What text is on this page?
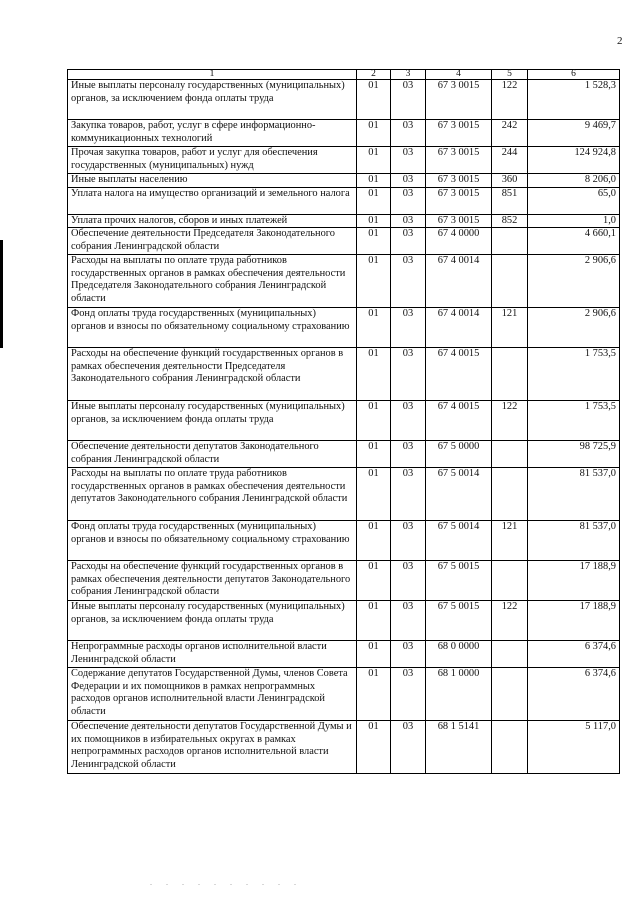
2
1	2	3	4	5	6
Иные выплаты персоналу государственных (муниципальных) органов, за исключением фонда оплаты труда	01	03	67 3 0015	122	1 528,3
Закупка товаров, работ, услуг в сфере информационно-коммуникационных технологий	01	03	67 3 0015	242	9 469,7
Прочая закупка товаров, работ и услуг для обеспечения государственных (муниципальных) нужд	01	03	67 3 0015	244	124 924,8
Иные выплаты населению	01	03	67 3 0015	360	8 206,0
Уплата налога на имущество организаций и земельного налога	01	03	67 3 0015	851	65,0
Уплата прочих налогов, сборов и иных платежей	01	03	67 3 0015	852	1,0
Обеспечение деятельности Председателя Законодательного собрания Ленинградской области	01	03	67 4 0000		4 660,1
Расходы на выплаты по оплате труда работников государственных органов в рамках обеспечения деятельности Председателя Законодательного собрания Ленинградской области	01	03	67 4 0014		2 906,6
Фонд оплаты труда государственных (муниципальных) органов и взносы по обязательному социальному страхованию	01	03	67 4 0014	121	2 906,6
Расходы на обеспечение функций государственных органов в рамках обеспечения деятельности Председателя Законодательного собрания Ленинградской области	01	03	67 4 0015		1 753,5
Иные выплаты персоналу государственных (муниципальных) органов, за исключением фонда оплаты труда	01	03	67 4 0015	122	1 753,5
Обеспечение деятельности депутатов Законодательного собрания Ленинградской области	01	03	67 5 0000		98 725,9
Расходы на выплаты по оплате труда работников государственных органов в рамках обеспечения деятельности депутатов Законодательного собрания Ленинградской области	01	03	67 5 0014		81 537,0
Фонд оплаты труда государственных (муниципальных) органов и взносы по обязательному социальному страхованию	01	03	67 5 0014	121	81 537,0
Расходы на обеспечение функций государственных органов в рамках обеспечения деятельности депутатов Законодательного собрания Ленинградской области	01	03	67 5 0015		17 188,9
Иные выплаты персоналу государственных (муниципальных) органов, за исключением фонда оплаты труда	01	03	67 5 0015	122	17 188,9
Непрограммные расходы органов исполнительной власти Ленинградской области	01	03	68 0 0000		6 374,6
Содержание депутатов Государственной Думы, членов Совета Федерации и их помощников в рамках непрограммных расходов органов исполнительной власти Ленинградской области	01	03	68 1 0000		6 374,6
Обеспечение деятельности депутатов Государственной Думы и их помощников в избирательных округах в рамках непрограммных расходов органов исполнительной власти Ленинградской области	01	03	68 1 5141		5 117,0
. . . . . . . . . .
